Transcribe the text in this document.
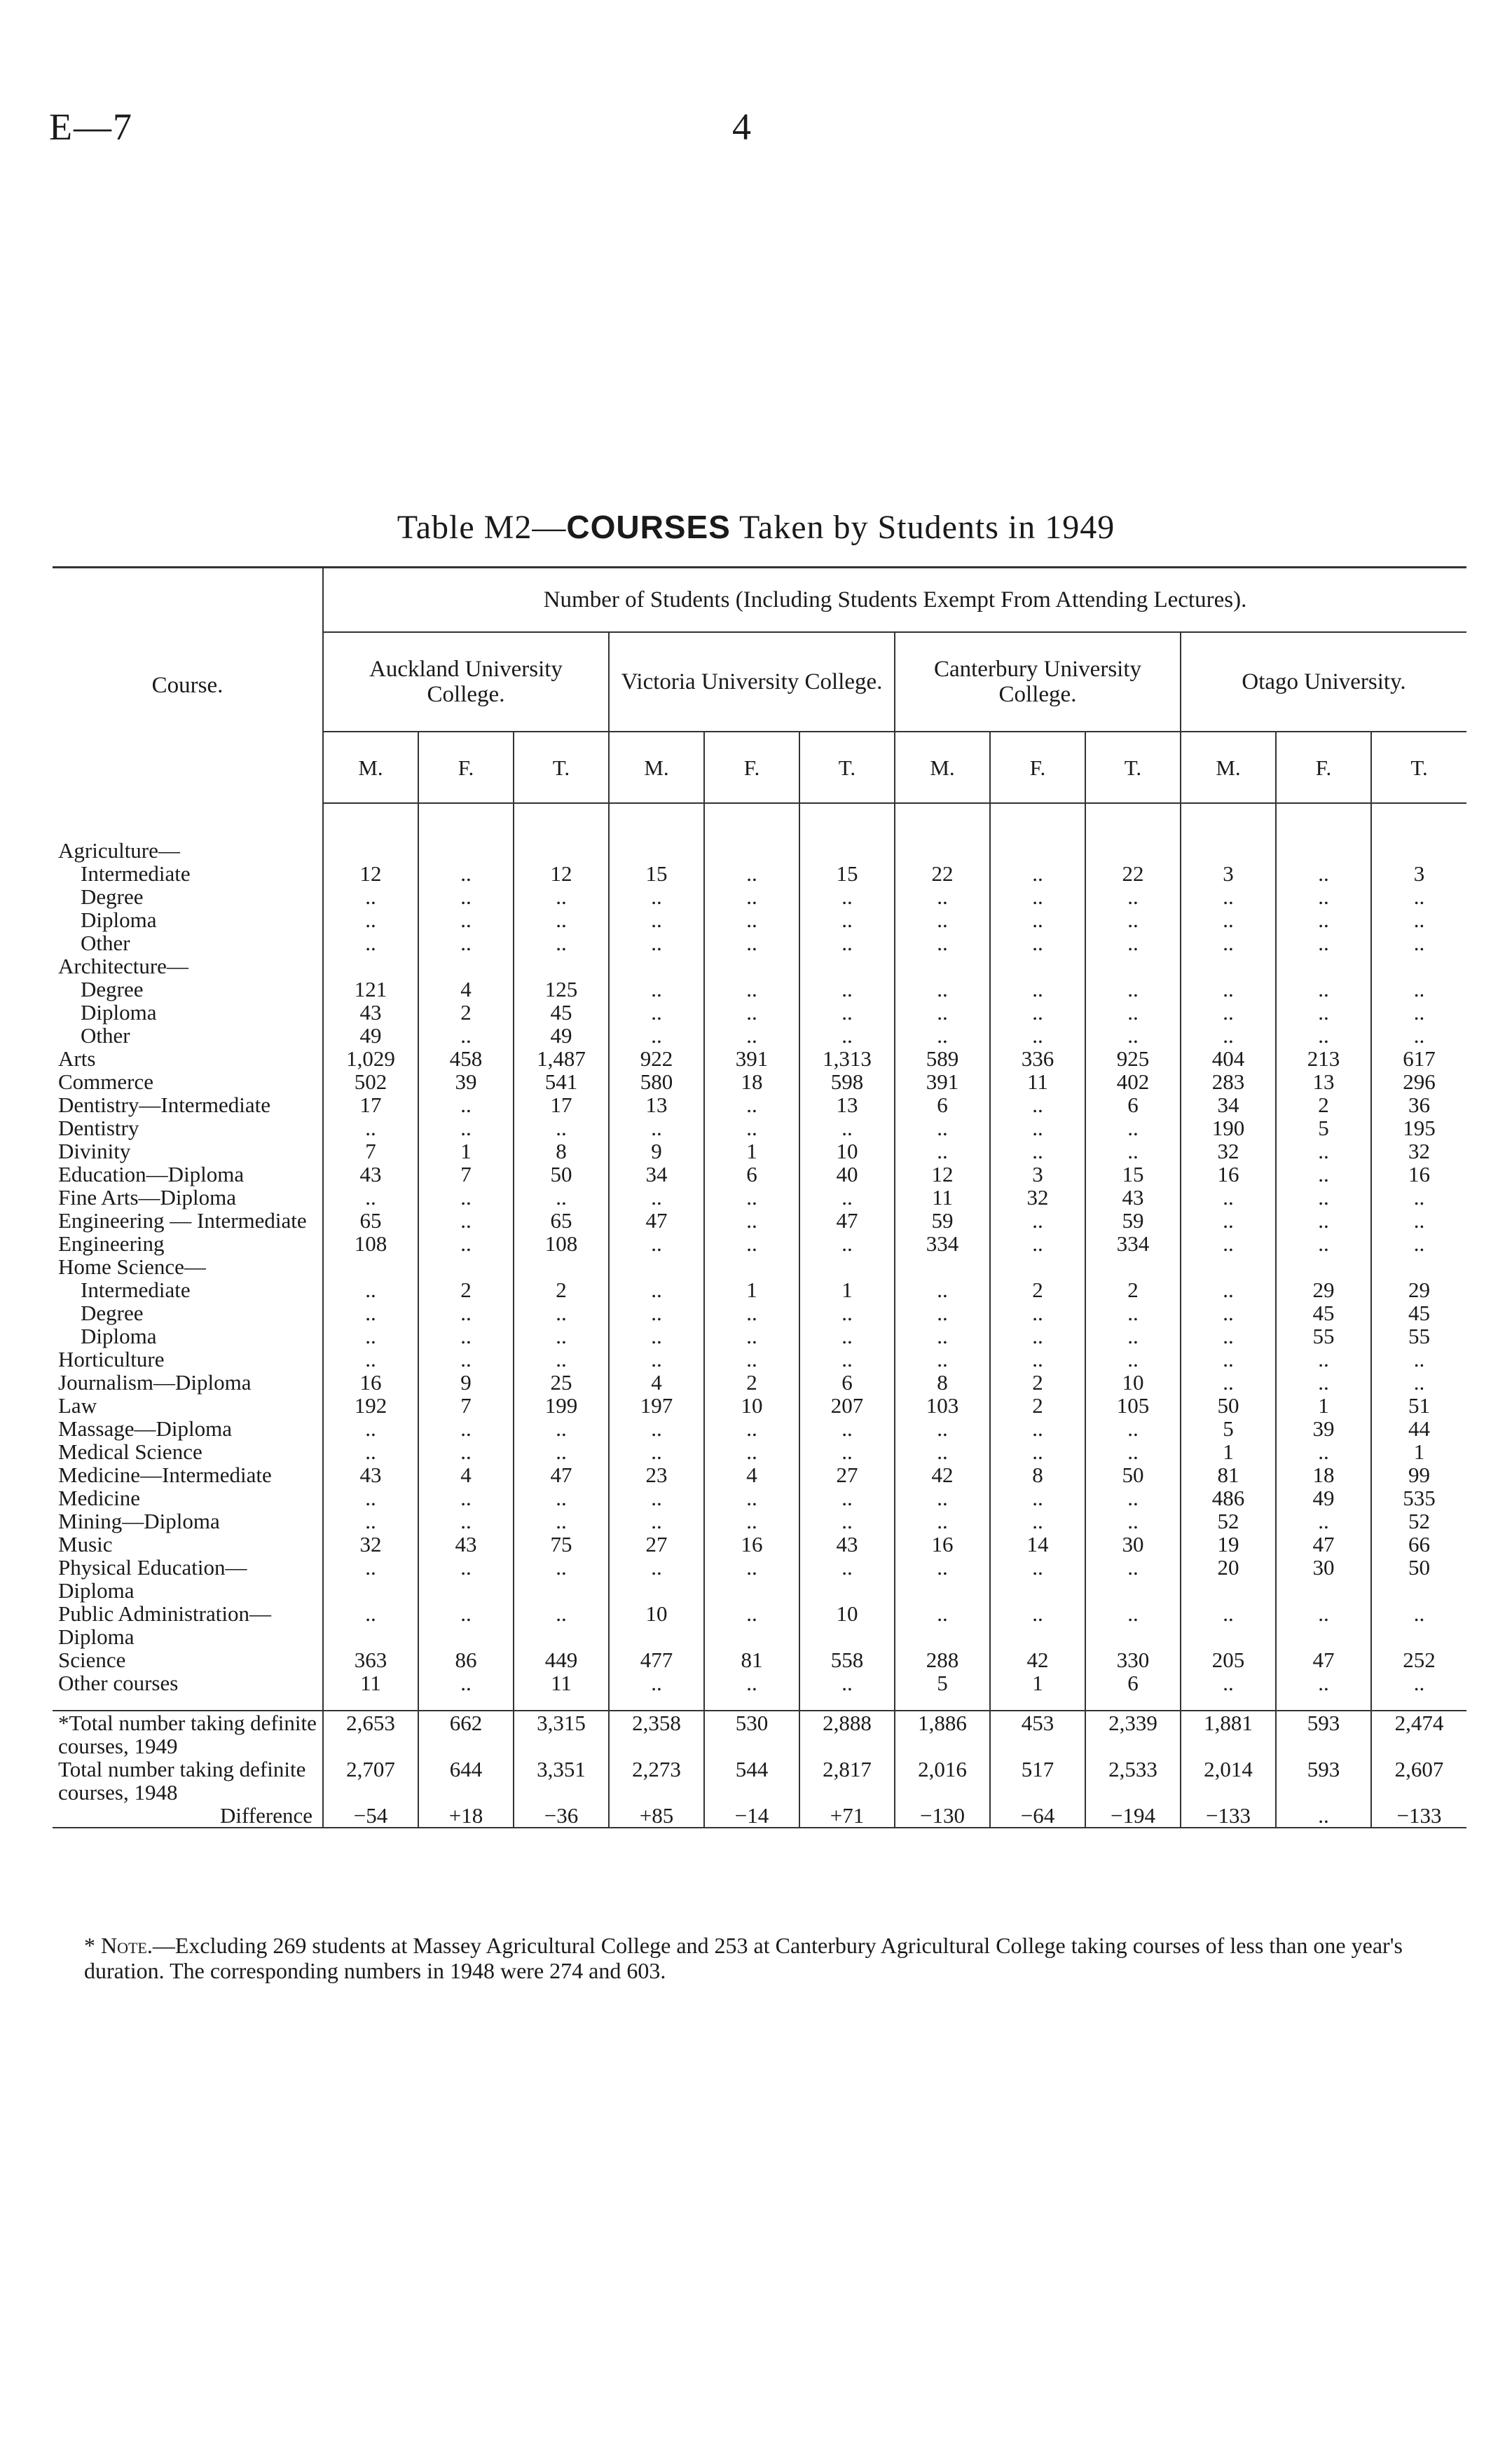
E—7	4
Table M2—COURSES Taken by Students in 1949
Course.	Number of Students (Including Students Exempt From Attending Lectures).											
	Auckland University College.			Victoria University College.			Canterbury University College.			Otago University.		
	M.	F.	T.	M.	F.	T.	M.	F.	T.	M.	F.	T.

Agriculture—												
Intermediate	12	..	12	15	..	15	22	..	22	3	..	3
Degree	..	..	..	..	..	..	..	..	..	..	..	..
Diploma	..	..	..	..	..	..	..	..	..	..	..	..
Other	..	..	..	..	..	..	..	..	..	..	..	..
Architecture—												
Degree	121	4	125	..	..	..	..	..	..	..	..	..
Diploma	43	2	45	..	..	..	..	..	..	..	..	..
Other	49	..	49	..	..	..	..	..	..	..	..	..
Arts	1,029	458	1,487	922	391	1,313	589	336	925	404	213	617
Commerce	502	39	541	580	18	598	391	11	402	283	13	296
Dentistry—Intermediate	17	..	17	13	..	13	6	..	6	34	2	36
Dentistry	..	..	..	..	..	..	..	..	..	190	5	195
Divinity	7	1	8	9	1	10	..	..	..	32	..	32
Education—Diploma	43	7	50	34	6	40	12	3	15	16	..	16
Fine Arts—Diploma	..	..	..	..	..	..	11	32	43	..	..	..
Engineering — Intermediate	65	..	65	47	..	47	59	..	59	..	..	..
Engineering	108	..	108	..	..	..	334	..	334	..	..	..
Home Science—												
Intermediate	..	2	2	..	1	1	..	2	2	..	29	29
Degree	..	..	..	..	..	..	..	..	..	..	45	45
Diploma	..	..	..	..	..	..	..	..	..	..	55	55
Horticulture	..	..	..	..	..	..	..	..	..	..	..	..
Journalism—Diploma	16	9	25	4	2	6	8	2	10	..	..	..
Law	192	7	199	197	10	207	103	2	105	50	1	51
Massage—Diploma	..	..	..	..	..	..	..	..	..	5	39	44
Medical Science	..	..	..	..	..	..	..	..	..	1	..	1
Medicine—Intermediate	43	4	47	23	4	27	42	8	50	81	18	99
Medicine	..	..	..	..	..	..	..	..	..	486	49	535
Mining—Diploma	..	..	..	..	..	..	..	..	..	52	..	52
Music	32	43	75	27	16	43	16	14	30	19	47	66
Physical Education—Diploma	..	..	..	..	..	..	..	..	..	20	30	50
Public Administration—Diploma	..	..	..	10	..	10	..	..	..	..	..	..
Science	363	86	449	477	81	558	288	42	330	205	47	252
Other courses	11	..	11	..	..	..	5	1	6	..	..	..

*Total number taking definite courses, 1949	2,653	662	3,315	2,358	530	2,888	1,886	453	2,339	1,881	593	2,474
Total number taking definite courses, 1948	2,707	644	3,351	2,273	544	2,817	2,016	517	2,533	2,014	593	2,607
Difference	−54	+18	−36	+85	−14	+71	−130	−64	−194	−133	..	−133
* Note.—Excluding 269 students at Massey Agricultural College and 253 at Canterbury Agricultural College taking courses of less than one year's duration. The corresponding numbers in 1948 were 274 and 603.
